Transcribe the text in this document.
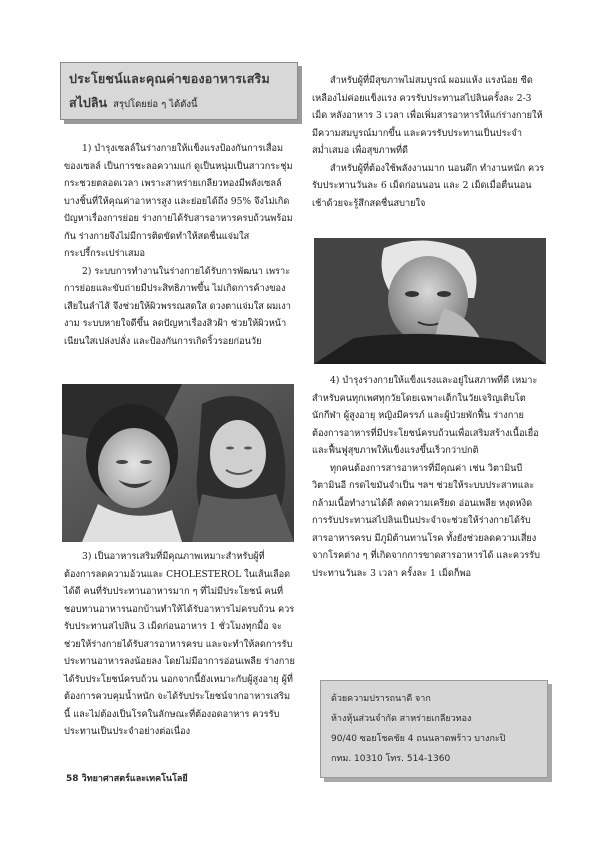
ประโยชน์และคุณค่าของอาหารเสริม
สไปลิน สรุปโดยย่อ ๆ ได้ดังนี้

1) บำรุงเซลล์ในร่างกายให้แข็งแรงป้องกันการเสื่อมของเซลล์ เป็นการชะลอความแก่ ดูเป็นหนุ่มเป็นสาวกระชุ่มกระชวยตลอดเวลา เพราะสาหร่ายเกลียวทองมีพลังเซลล์บางชิ้นที่ให้คุณค่าอาหารสูง และย่อยได้ถึง 95% จึงไม่เกิดปัญหาเรื่องการย่อย ร่างกายได้รับสารอาหารครบถ้วนพร้อมกัน ร่างกายจึงไม่มีการติดขัดทำให้สดชื่นแจ่มใสกระปรี้กระเปร่าเสมอ

2) ระบบการทำงานในร่างกายได้รับการพัฒนา เพราะการย่อยและขับถ่ายมีประสิทธิภาพขึ้น ไม่เกิดการค้างของเสียในลำไส้ จึงช่วยให้ผิวพรรณสดใส ดวงตาแจ่มใส ผมเงางาม ระบบหายใจดีขึ้น ลดปัญหาเรื่องสิวฝ้า ช่วยให้ผิวหน้าเนียนใสเปล่งปลั่ง และป้องกันการเกิดริ้วรอยก่อนวัย

3) เป็นอาหารเสริมที่มีคุณภาพเหมาะสำหรับผู้ที่ต้องการลดความอ้วนและ CHOLESTEROL ในเส้นเลือดได้ดี คนที่รับประทานอาหารมาก ๆ ที่ไม่มีประโยชน์ คนที่ชอบทานอาหารนอกบ้านทำให้ได้รับอาหารไม่ครบถ้วน ควรรับประทานสไปลิน 3 เม็ดก่อนอาหาร 1 ชั่วโมงทุกมื้อ จะช่วยให้ร่างกายได้รับสารอาหารครบ และจะทำให้ลดการรับประทานอาหารลงน้อยลง โดยไม่มีอาการอ่อนเพลีย ร่างกายได้รับประโยชน์ครบถ้วน นอกจากนี้ยังเหมาะกับผู้สูงอายุ ผู้ที่ต้องการควบคุมน้ำหนัก จะได้รับประโยชน์จากอาหารเสริมนี้ และไม่ต้องเป็นโรคในลักษณะที่ต้องอดอาหาร ควรรับประทานเป็นประจำอย่างต่อเนื่อง

สำหรับผู้ที่มีสุขภาพไม่สมบูรณ์ ผอมแห้ง แรงน้อย ซีดเหลืองไม่ค่อยแข็งแรง ควรรับประทานสไปลินครั้งละ 2-3 เม็ด หลังอาหาร 3 เวลา เพื่อเพิ่มสารอาหารให้แก่ร่างกายให้มีความสมบูรณ์มากขึ้น และควรรับประทานเป็นประจำสม่ำเสมอ เพื่อสุขภาพที่ดี

สำหรับผู้ที่ต้องใช้พลังงานมาก นอนดึก ทำงานหนัก ควรรับประทานวันละ 6 เม็ดก่อนนอน และ 2 เม็ดเมื่อตื่นนอนเช้าด้วยจะรู้สึกสดชื่นสบายใจ

4) บำรุงร่างกายให้แข็งแรงและอยู่ในสภาพที่ดี เหมาะสำหรับคนทุกเพศทุกวัยโดยเฉพาะเด็กในวัยเจริญเติบโต นักกีฬา ผู้สูงอายุ หญิงมีครรภ์ และผู้ป่วยพักฟื้น ร่างกายต้องการอาหารที่มีประโยชน์ครบถ้วนเพื่อเสริมสร้างเนื้อเยื่อ และฟื้นฟูสุขภาพให้แข็งแรงขึ้นเร็วกว่าปกติ

ทุกคนต้องการสารอาหารที่มีคุณค่า เช่น วิตามินบี วิตามินอี กรดไขมันจำเป็น ฯลฯ ช่วยให้ระบบประสาทและกล้ามเนื้อทำงานได้ดี ลดความเครียด อ่อนเพลีย หงุดหงิด การรับประทานสไปลินเป็นประจำจะช่วยให้ร่างกายได้รับสารอาหารครบ มีภูมิต้านทานโรค ทั้งยังช่วยลดความเสี่ยงจากโรคต่าง ๆ ที่เกิดจากการขาดสารอาหารได้ และควรรับประทานวันละ 3 เวลา ครั้งละ 1 เม็ดก็พอ

ด้วยความปรารถนาดี จาก
ห้างหุ้นส่วนจำกัด สาหร่ายเกลียวทอง
90/40 ซอยโชคชัย 4 ถนนลาดพร้าว บางกะปิ
กทม. 10310 โทร. 514-1360
58 วิทยาศาสตร์และเทคโนโลยี
